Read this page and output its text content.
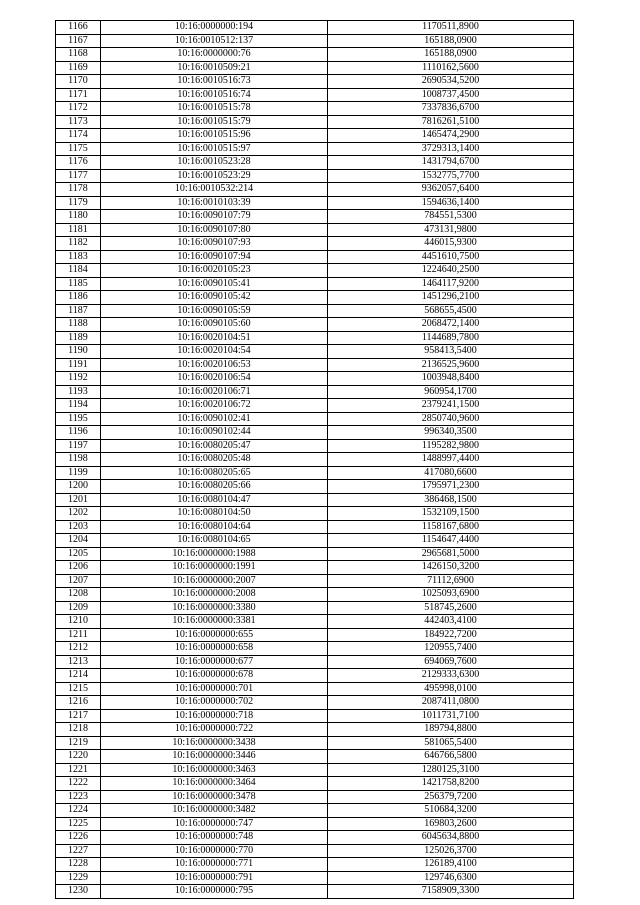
1166	10:16:0000000:194	1170511,8900
1167	10:16:0010512:137	165188,0900
1168	10:16:0000000:76	165188,0900
1169	10:16:0010509:21	1110162,5600
1170	10:16:0010516:73	2690534,5200
1171	10:16:0010516:74	1008737,4500
1172	10:16:0010515:78	7337836,6700
1173	10:16:0010515:79	7816261,5100
1174	10:16:0010515:96	1465474,2900
1175	10:16:0010515:97	3729313,1400
1176	10:16:0010523:28	1431794,6700
1177	10:16:0010523:29	1532775,7700
1178	10:16:0010532:214	9362057,6400
1179	10:16:0010103:39	1594636,1400
1180	10:16:0090107:79	784551,5300
1181	10:16:0090107:80	473131,9800
1182	10:16:0090107:93	446015,9300
1183	10:16:0090107:94	4451610,7500
1184	10:16:0020105:23	1224640,2500
1185	10:16:0090105:41	1464117,9200
1186	10:16:0090105:42	1451296,2100
1187	10:16:0090105:59	568655,4500
1188	10:16:0090105:60	2068472,1400
1189	10:16:0020104:51	1144689,7800
1190	10:16:0020104:54	958413,5400
1191	10:16:0020106:53	2136525,9600
1192	10:16:0020106:54	1003948,8400
1193	10:16:0020106:71	960954,1700
1194	10:16:0020106:72	2379241,1500
1195	10:16:0090102:41	2850740,9600
1196	10:16:0090102:44	996340,3500
1197	10:16:0080205:47	1195282,9800
1198	10:16:0080205:48	1488997,4400
1199	10:16:0080205:65	417080,6600
1200	10:16:0080205:66	1795971,2300
1201	10:16:0080104:47	386468,1500
1202	10:16:0080104:50	1532109,1500
1203	10:16:0080104:64	1158167,6800
1204	10:16:0080104:65	1154647,4400
1205	10:16:0000000:1988	2965681,5000
1206	10:16:0000000:1991	1426150,3200
1207	10:16:0000000:2007	71112,6900
1208	10:16:0000000:2008	1025093,6900
1209	10:16:0000000:3380	518745,2600
1210	10:16:0000000:3381	442403,4100
1211	10:16:0000000:655	184922,7200
1212	10:16:0000000:658	120955,7400
1213	10:16:0000000:677	694069,7600
1214	10:16:0000000:678	2129333,6300
1215	10:16:0000000:701	495998,0100
1216	10:16:0000000:702	2087411,0800
1217	10:16:0000000:718	1011731,7100
1218	10:16:0000000:722	189794,8800
1219	10:16:0000000:3438	581065,5400
1220	10:16:0000000:3446	646766,5800
1221	10:16:0000000:3463	1280125,3100
1222	10:16:0000000:3464	1421758,8200
1223	10:16:0000000:3478	256379,7200
1224	10:16:0000000:3482	510684,3200
1225	10:16:0000000:747	169803,2600
1226	10:16:0000000:748	6045634,8800
1227	10:16:0000000:770	125026,3700
1228	10:16:0000000:771	126189,4100
1229	10:16:0000000:791	129746,6300
1230	10:16:0000000:795	7158909,3300
